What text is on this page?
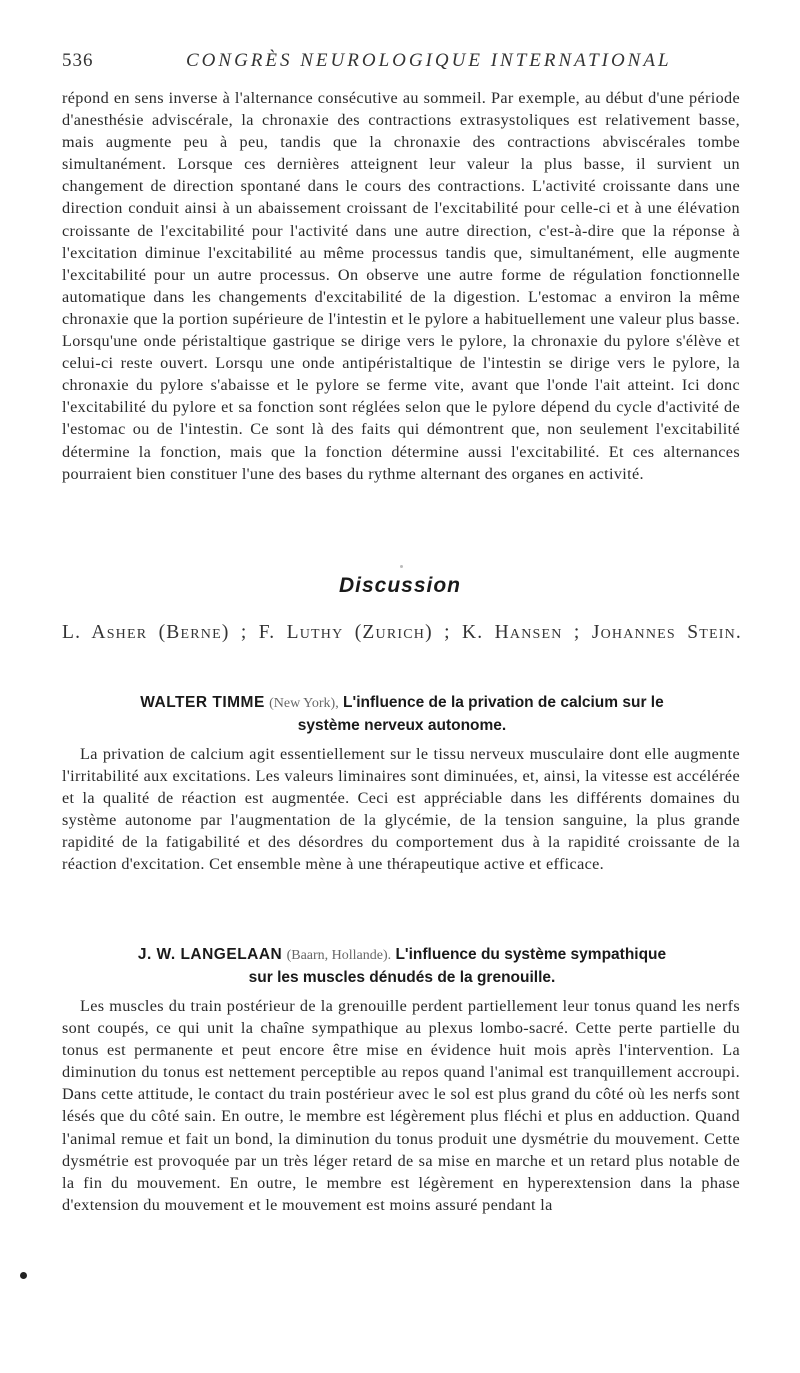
536	CONGRÈS NEUROLOGIQUE INTERNATIONAL

répond en sens inverse à l'alternance consécutive au sommeil. Par exemple, au début d'une période d'anesthésie adviscérale, la chronaxie des contractions extrasystoliques est relativement basse, mais augmente peu à peu, tandis que la chronaxie des contractions abviscérales tombe simultanément. Lorsque ces dernières atteignent leur valeur la plus basse, il survient un changement de direction spontané dans le cours des contractions. L'activité croissante dans une direction conduit ainsi à un abaissement croissant de l'excitabilité pour celle-ci et à une élévation croissante de l'excitabilité pour l'activité dans une autre direction, c'est-à-dire que la réponse à l'excitation diminue l'excitabilité au même processus tandis que, simultanément, elle augmente l'excitabilité pour un autre processus. On observe une autre forme de régulation fonctionnelle automatique dans les changements d'excitabilité de la digestion. L'estomac a environ la même chronaxie que la portion supérieure de l'intestin et le pylore a habituellement une valeur plus basse. Lorsqu'une onde péristaltique gastrique se dirige vers le pylore, la chronaxie du pylore s'élève et celui-ci reste ouvert. Lorsqu une onde antipéristaltique de l'intestin se dirige vers le pylore, la chronaxie du pylore s'abaisse et le pylore se ferme vite, avant que l'onde l'ait atteint. Ici donc l'excitabilité du pylore et sa fonction sont réglées selon que le pylore dépend du cycle d'activité de l'estomac ou de l'intestin. Ce sont là des faits qui démontrent que, non seulement l'excitabilité détermine la fonction, mais que la fonction détermine aussi l'excitabilité. Et ces alternances pourraient bien constituer l'une des bases du rythme alternant des organes en activité.

Discussion
L. Asher (Berne) ; F. Luthy (Zurich) ; K. Hansen ; Johannes Stein.
WALTER TIMME (New York), L'influence de la privation de calcium sur le
système nerveux autonome.

La privation de calcium agit essentiellement sur le tissu nerveux musculaire dont elle augmente l'irritabilité aux excitations. Les valeurs liminaires sont diminuées, et, ainsi, la vitesse est accélérée et la qualité de réaction est augmentée. Ceci est appréciable dans les différents domaines du système autonome par l'augmentation de la glycémie, de la tension sanguine, la plus grande rapidité de la fatigabilité et des désordres du comportement dus à la rapidité croissante de la réaction d'excitation. Cet ensemble mène à une thérapeutique active et efficace.

J. W. LANGELAAN (Baarn, Hollande). L'influence du système sympathique
sur les muscles dénudés de la grenouille.

Les muscles du train postérieur de la grenouille perdent partiellement leur tonus quand les nerfs sont coupés, ce qui unit la chaîne sympathique au plexus lombo-sacré. Cette perte partielle du tonus est permanente et peut encore être mise en évidence huit mois après l'intervention. La diminution du tonus est nettement perceptible au repos quand l'animal est tranquillement accroupi. Dans cette attitude, le contact du train postérieur avec le sol est plus grand du côté où les nerfs sont lésés que du côté sain. En outre, le membre est légèrement plus fléchi et plus en adduction. Quand l'animal remue et fait un bond, la diminution du tonus produit une dysmétrie du mouvement. Cette dysmétrie est provoquée par un très léger retard de sa mise en marche et un retard plus notable de la fin du mouvement. En outre, le membre est légèrement en hyperextension dans la phase d'extension du mouvement et le mouvement est moins assuré pendant la
